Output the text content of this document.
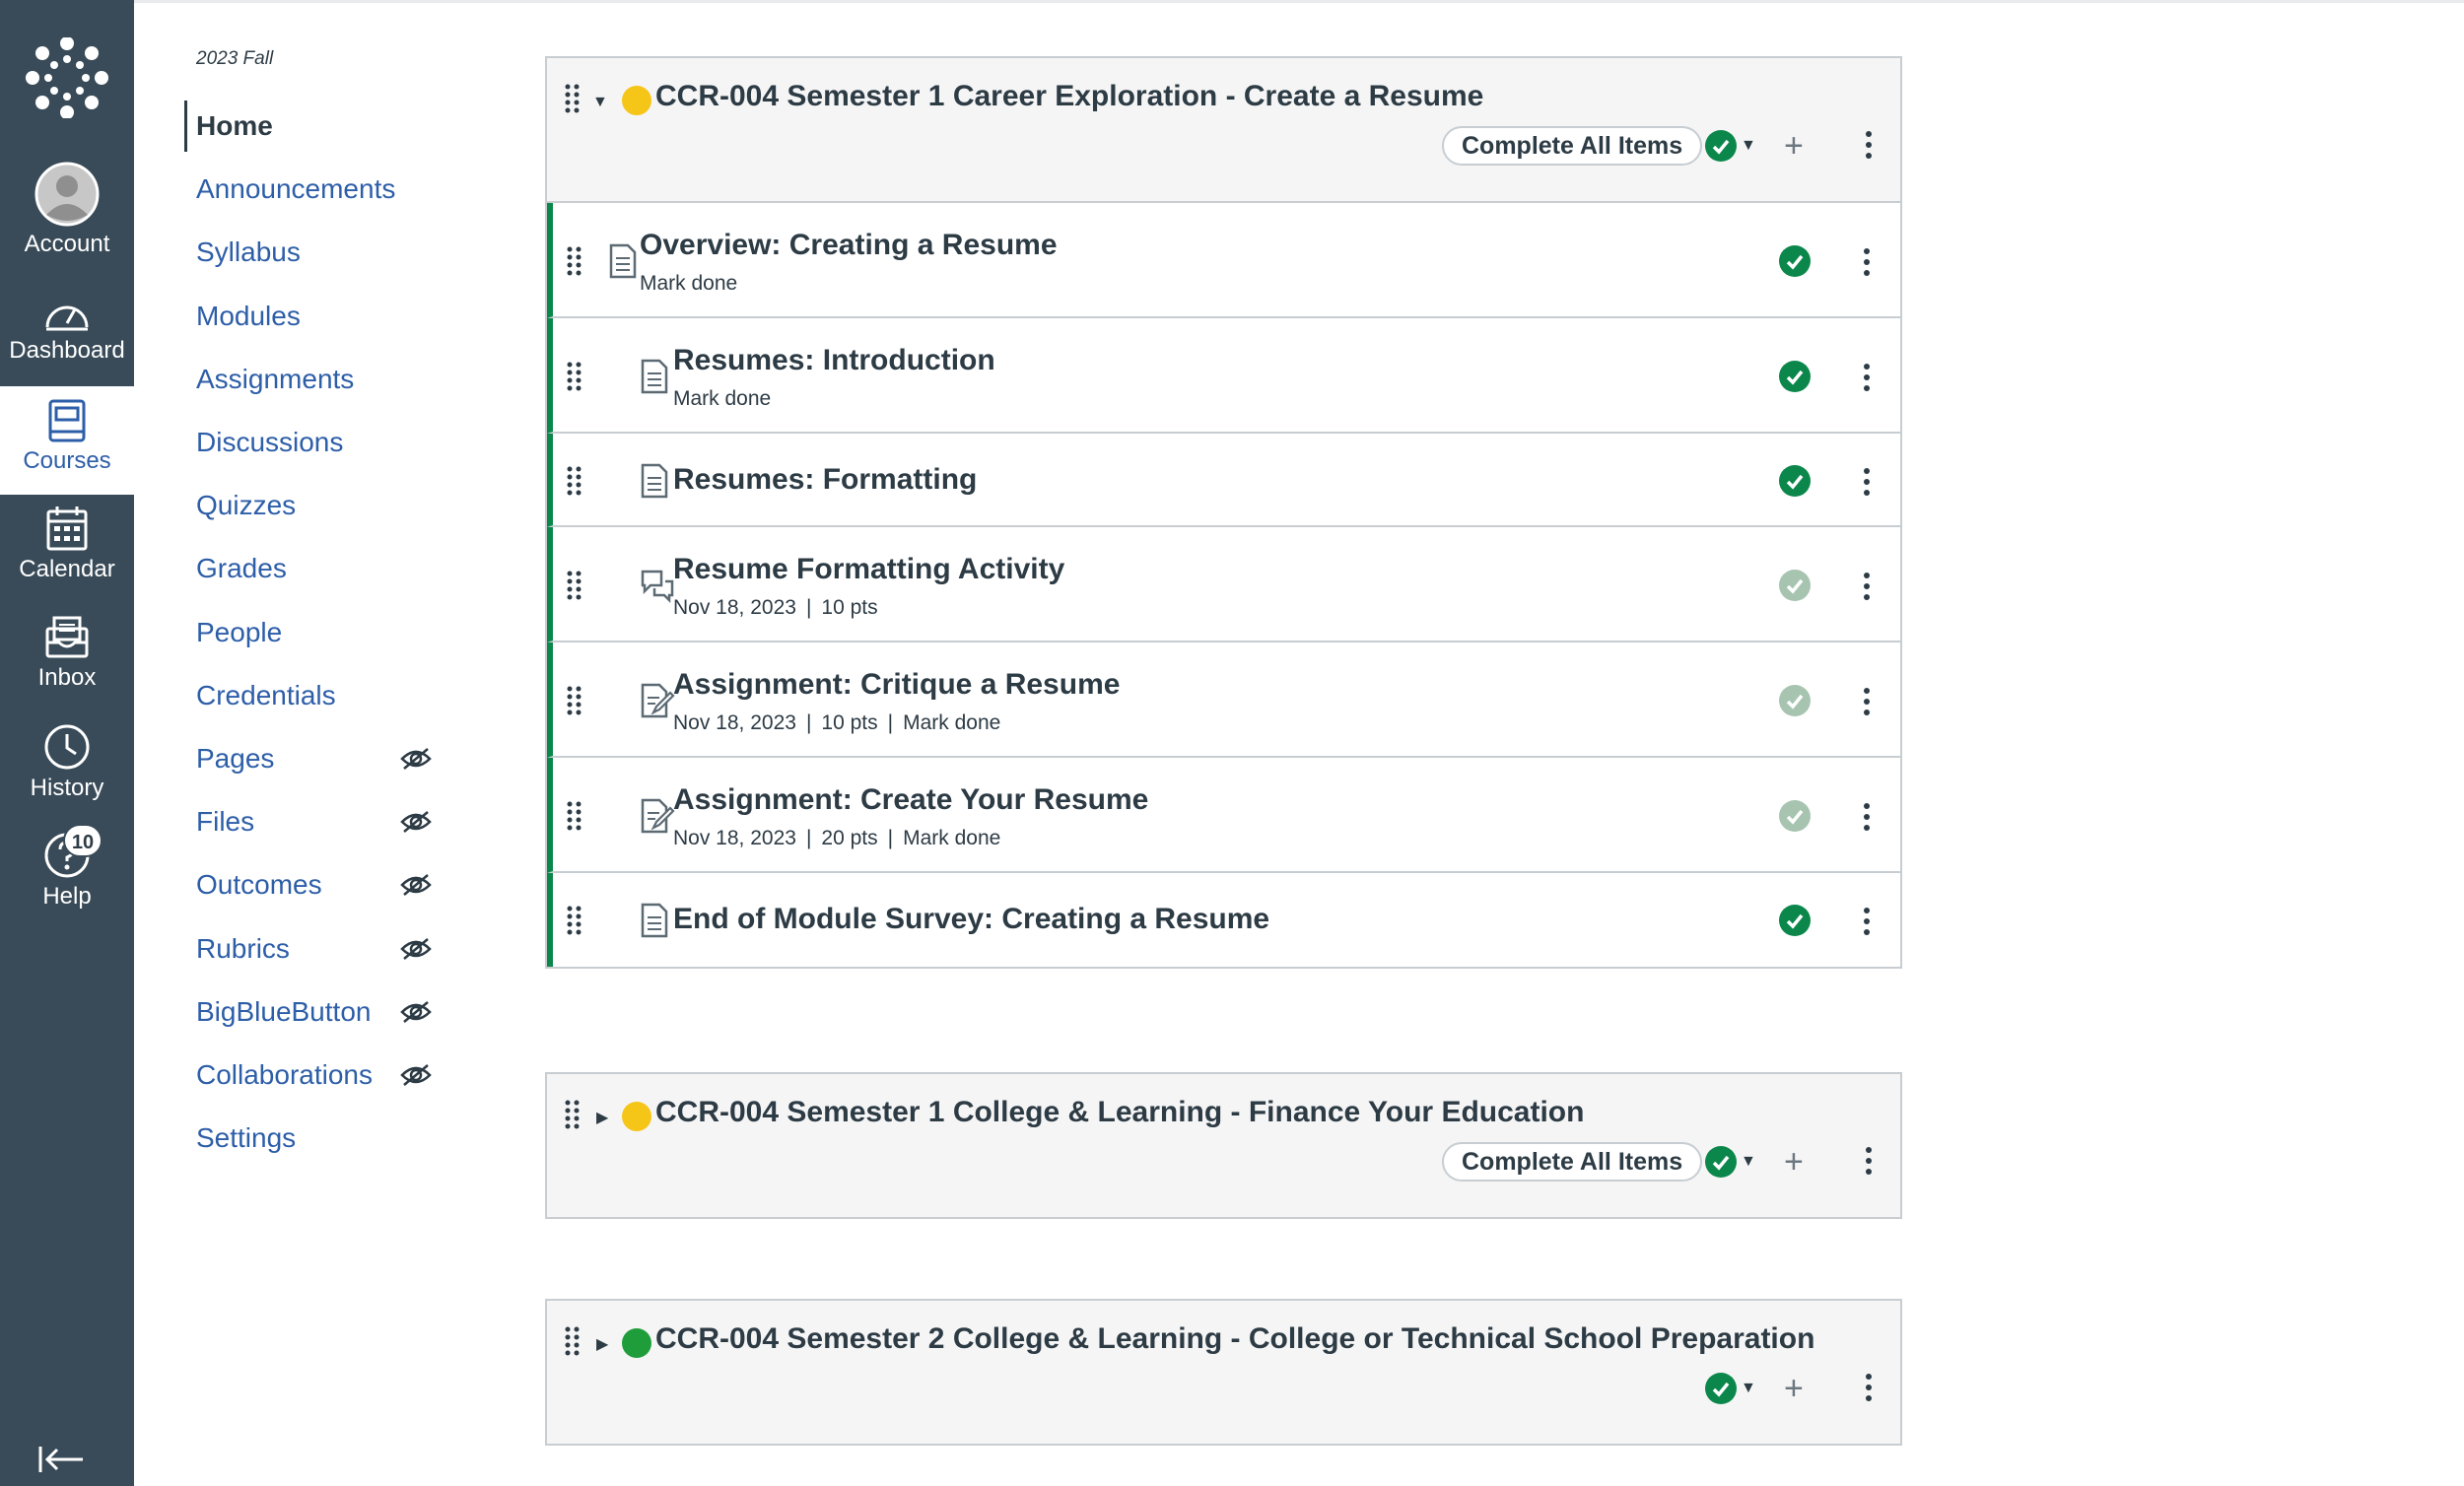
Account
Dashboard
Courses
Calendar
Inbox
History
Help
10
2023 Fall
Home
Announcements
Syllabus
Modules
Assignments
Discussions
Quizzes
Grades
People
Credentials
Pages
Files
Outcomes
Rubrics
BigBlueButton
Collaborations
Settings
▼ CCR-004 Semester 1 Career Exploration - Create a Resume
Complete All Items	▼ +
Overview: Creating a Resume
Mark done
Resumes: Introduction
Mark done
Resumes: Formatting
Resume Formatting Activity
Nov 18, 2023 | 10 pts
Assignment: Critique a Resume
Nov 18, 2023 | 10 pts | Mark done
Assignment: Create Your Resume
Nov 18, 2023 | 20 pts | Mark done
End of Module Survey: Creating a Resume
▶ CCR-004 Semester 1 College & Learning - Finance Your Education
Complete All Items	▼ +
▶ CCR-004 Semester 2 College & Learning - College or Technical School Preparation
▼ +
